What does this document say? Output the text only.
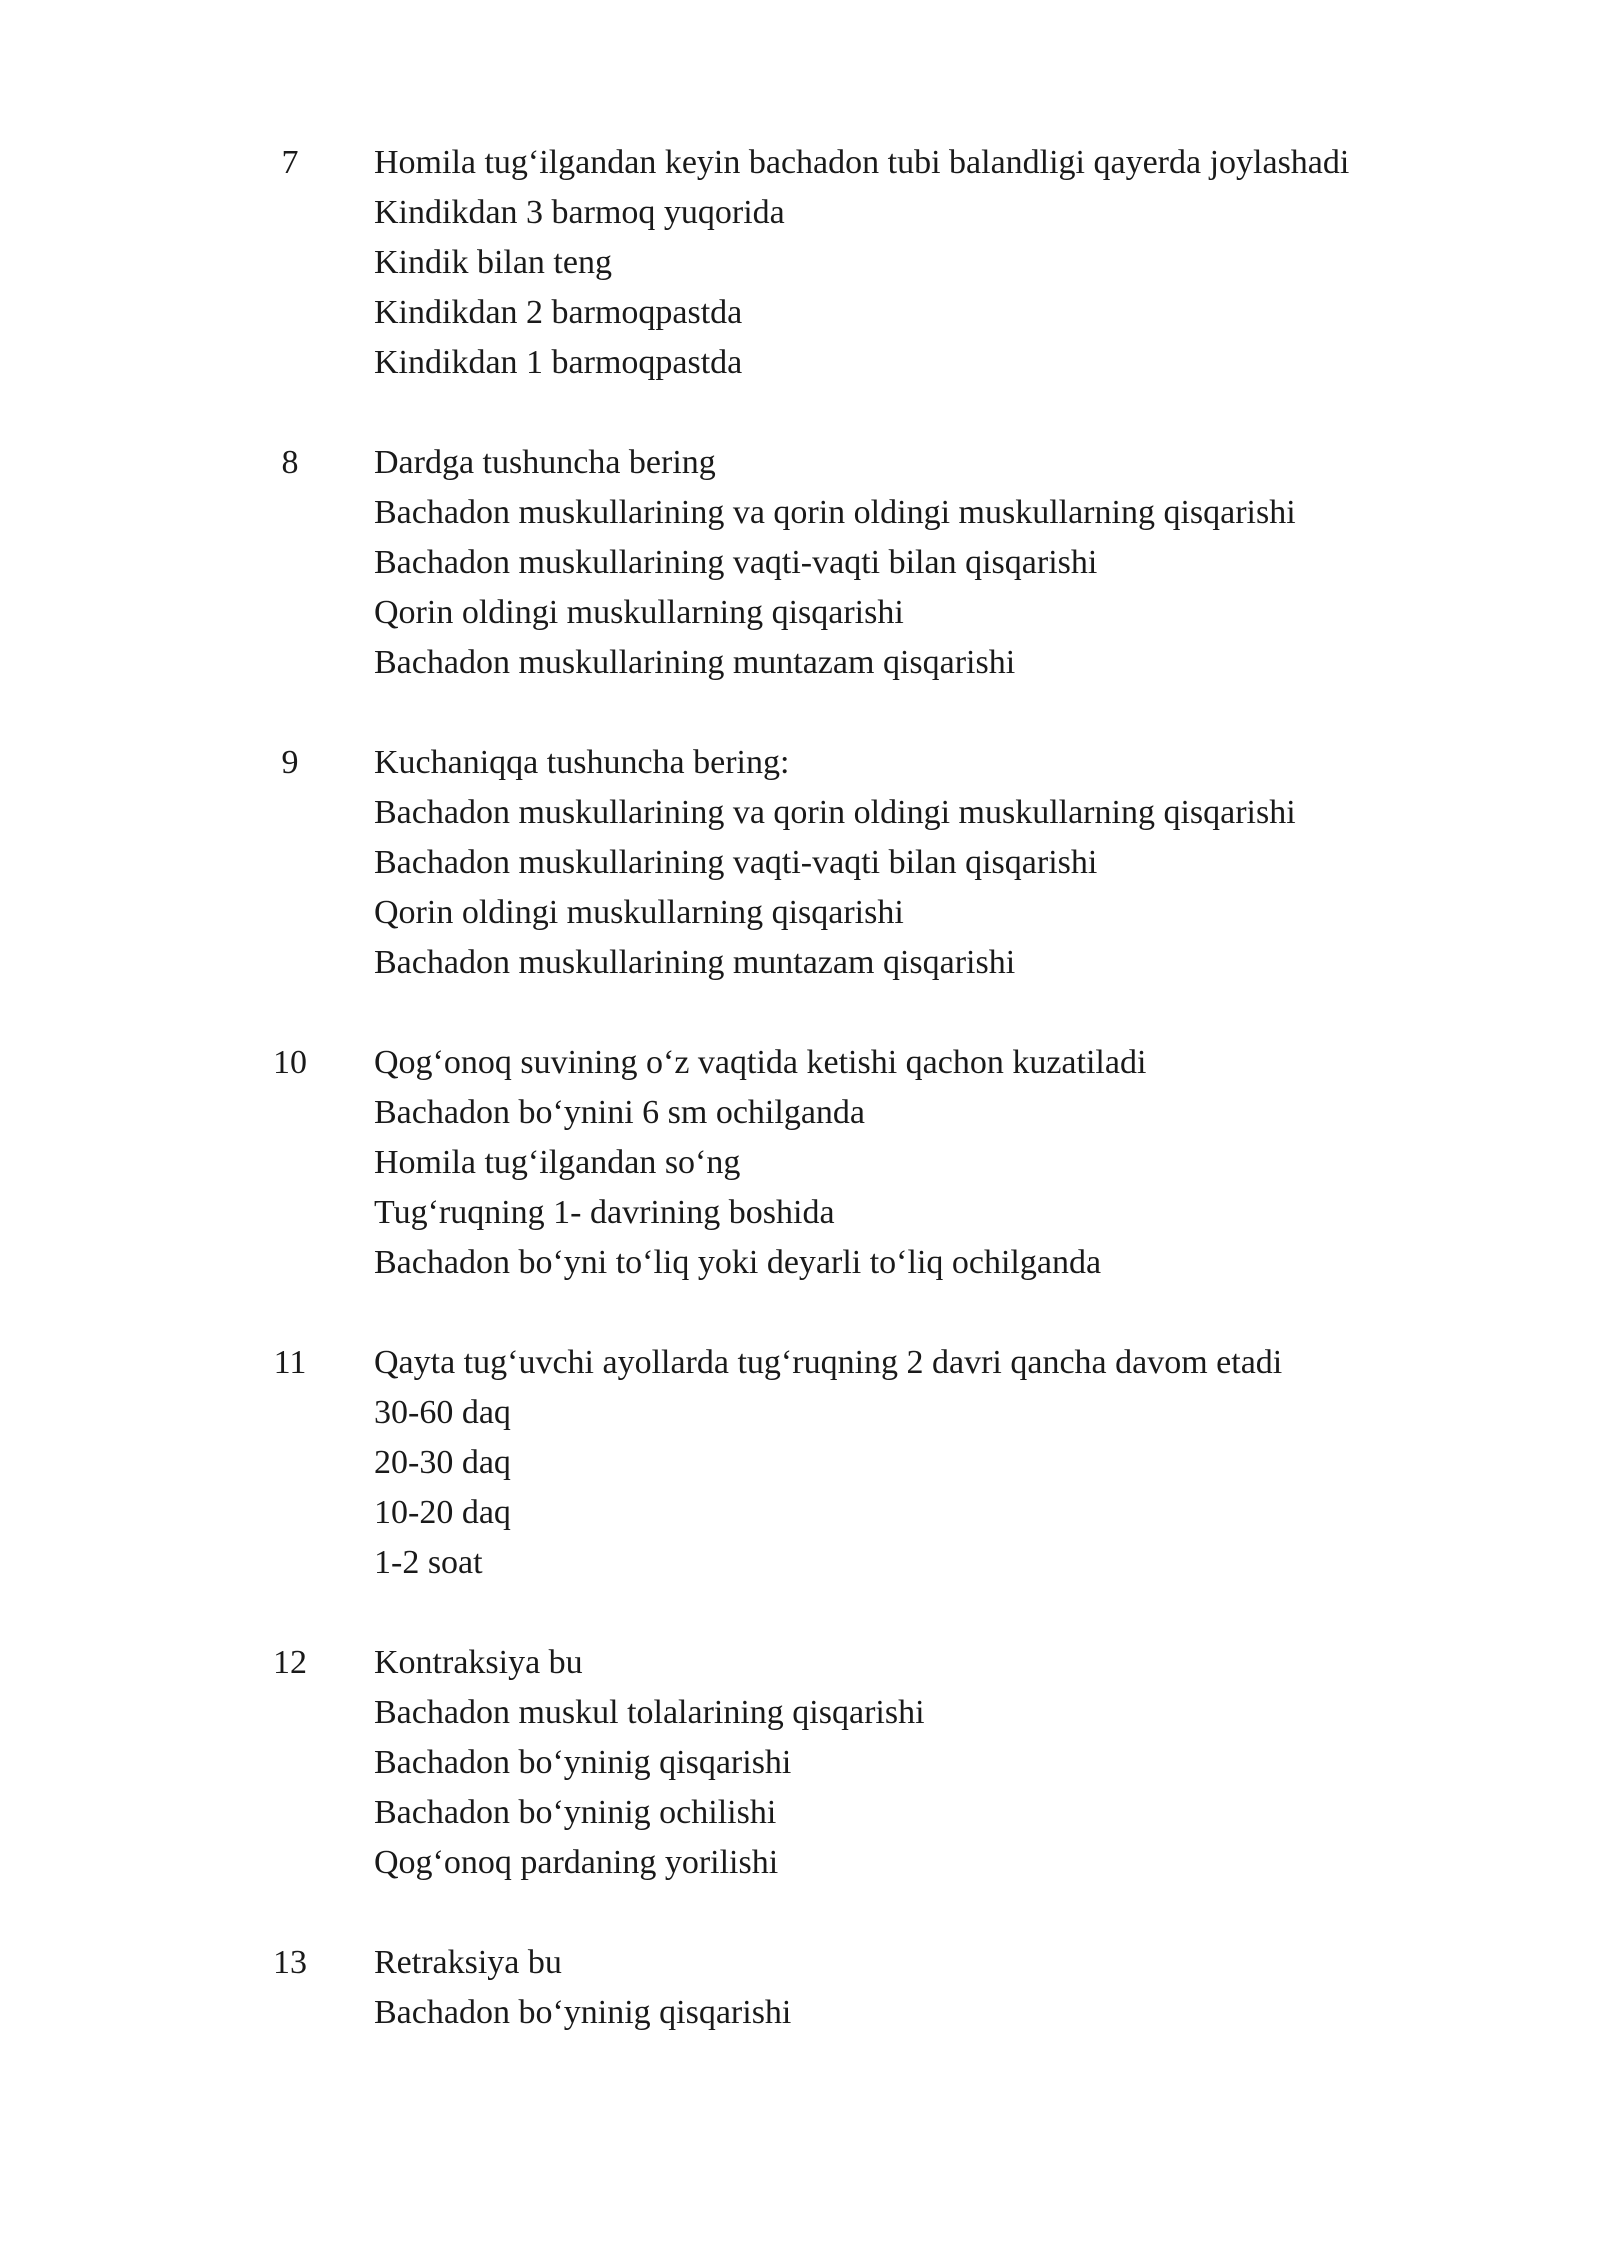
7	Homila tug‘ilgandan keyin bachadon tubi balandligi qayerda joylashadi
Kindikdan 3 barmoq yuqorida
Kindik bilan teng
Kindikdan 2 barmoqpastda
Kindikdan 1 barmoqpastda
8	Dardga tushuncha bering
Bachadon muskullarining va qorin oldingi muskullarning qisqarishi
Bachadon muskullarining vaqti-vaqti bilan qisqarishi
Qorin oldingi muskullarning qisqarishi
Bachadon muskullarining muntazam qisqarishi
9	Kuchaniqqa tushuncha bering:
Bachadon muskullarining va qorin oldingi muskullarning qisqarishi
Bachadon muskullarining vaqti-vaqti bilan qisqarishi
Qorin oldingi muskullarning qisqarishi
Bachadon muskullarining muntazam qisqarishi
10	Qog‘onoq suvining o‘z vaqtida ketishi qachon kuzatiladi
Bachadon bo‘ynini 6 sm ochilganda
Homila tug‘ilgandan so‘ng
Tug‘ruqning 1- davrining boshida
Bachadon bo‘yni to‘liq yoki deyarli to‘liq ochilganda
11	Qayta tug‘uvchi ayollarda tug‘ruqning 2 davri qancha davom etadi
30-60 daq
20-30 daq
10-20 daq
1-2 soat
12	Kontraksiya bu
Bachadon muskul tolalarining qisqarishi
Bachadon bo‘yninig qisqarishi
Bachadon bo‘yninig ochilishi
Qog‘onoq pardaning yorilishi
13	Retraksiya bu
Bachadon bo‘yninig qisqarishi
